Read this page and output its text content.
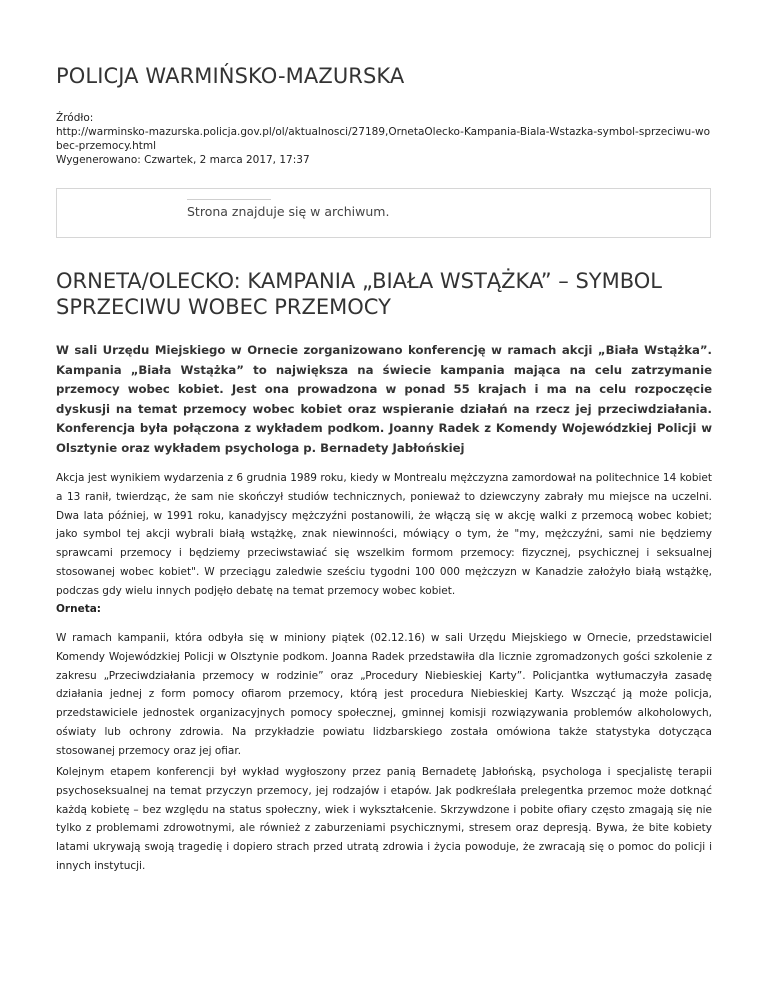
POLICJA WARMIŃSKO-MAZURSKA
Źródło:
http://warminsko-mazurska.policja.gov.pl/ol/aktualnosci/27189,OrnetaOlecko-Kampania-Biala-Wstazka-symbol-sprzeciwu-wobec-przemocy.html
Wygenerowano: Czwartek, 2 marca 2017, 17:37
Strona znajduje się w archiwum.
ORNETA/OLECKO: KAMPANIA „BIAŁA WSTĄŻKA” – SYMBOL SPRZECIWU WOBEC PRZEMOCY

W sali Urzędu Miejskiego w Ornecie zorganizowano konferencję w ramach akcji „Biała Wstążka”. Kampania „Biała Wstążka” to największa na świecie kampania mająca na celu zatrzymanie przemocy wobec kobiet. Jest ona prowadzona w ponad 55 krajach i ma na celu rozpoczęcie dyskusji na temat przemocy wobec kobiet oraz wspieranie działań na rzecz jej przeciwdziałania. Konferencja była połączona z wykładem podkom. Joanny Radek z Komendy Wojewódzkiej Policji w Olsztynie oraz wykładem psychologa p. Bernadety Jabłońskiej

Akcja jest wynikiem wydarzenia z 6 grudnia 1989 roku, kiedy w Montrealu mężczyzna zamordował na politechnice 14 kobiet a 13 ranił, twierdząc, że sam nie skończył studiów technicznych, ponieważ to dziewczyny zabrały mu miejsce na uczelni. Dwa lata później, w 1991 roku, kanadyjscy mężczyźni postanowili, że włączą się w akcję walki z przemocą wobec kobiet; jako symbol tej akcji wybrali białą wstążkę, znak niewinności, mówiący o tym, że "my, mężczyźni, sami nie będziemy sprawcami przemocy i będziemy przeciwstawiać się wszelkim formom przemocy: fizycznej, psychicznej i seksualnej stosowanej wobec kobiet". W przeciągu zaledwie sześciu tygodni 100 000 mężczyzn w Kanadzie założyło białą wstążkę, podczas gdy wielu innych podjęło debatę na temat przemocy wobec kobiet.

Orneta:

W ramach kampanii, która odbyła się w miniony piątek (02.12.16) w sali Urzędu Miejskiego w Ornecie, przedstawiciel Komendy Wojewódzkiej Policji w Olsztynie podkom. Joanna Radek przedstawiła dla licznie zgromadzonych gości szkolenie z zakresu „Przeciwdziałania przemocy w rodzinie” oraz „Procedury Niebieskiej Karty”. Policjantka wytłumaczyła zasadę działania jednej z form pomocy ofiarom przemocy, którą jest procedura Niebieskiej Karty. Wszcząć ją może policja, przedstawiciele jednostek organizacyjnych pomocy społecznej, gminnej komisji rozwiązywania problemów alkoholowych, oświaty lub ochrony zdrowia. Na przykładzie powiatu lidzbarskiego została omówiona także statystyka dotycząca stosowanej przemocy oraz jej ofiar.

Kolejnym etapem konferencji był wykład wygłoszony przez panią Bernadetę Jabłońską, psychologa i specjalistę terapii psychoseksualnej na temat przyczyn przemocy, jej rodzajów i etapów. Jak podkreślała prelegentka przemoc może dotknąć każdą kobietę – bez względu na status społeczny, wiek i wykształcenie. Skrzywdzone i pobite ofiary często zmagają się nie tylko z problemami zdrowotnymi, ale również z zaburzeniami psychicznymi, stresem oraz depresją. Bywa, że bite kobiety latami ukrywają swoją tragedię i dopiero strach przed utratą zdrowia i życia powoduje, że zwracają się o pomoc do policji i innych instytucji.
